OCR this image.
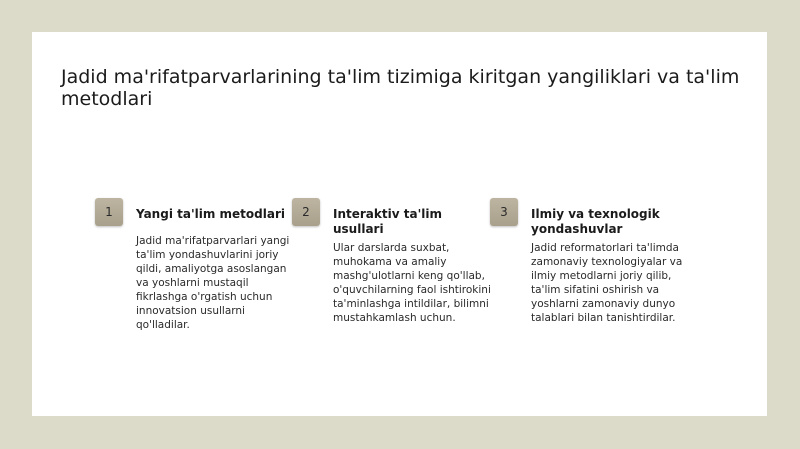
Jadid ma'rifatparvarlarining ta'lim tizimiga kiritgan yangiliklari va ta'lim metodlari
1	Yangi ta'lim metodlari
Jadid ma'rifatparvarlari yangi ta'lim yondashuvlarini joriy qildi, amaliyotga asoslangan va yoshlarni mustaqil fikrlashga o'rgatish uchun innovatsion usullarni qo'lladilar.
2	Interaktiv ta'lim usullari
Ular darslarda suxbat, muhokama va amaliy mashg'ulotlarni keng qo'llab, o'quvchilarning faol ishtirokini ta'minlashga intildilar, bilimni mustahkamlash uchun.
3	Ilmiy va texnologik yondashuvlar
Jadid reformatorlari ta'limda zamonaviy texnologiyalar va ilmiy metodlarni joriy qilib, ta'lim sifatini oshirish va yoshlarni zamonaviy dunyo talablari bilan tanishtirdilar.
